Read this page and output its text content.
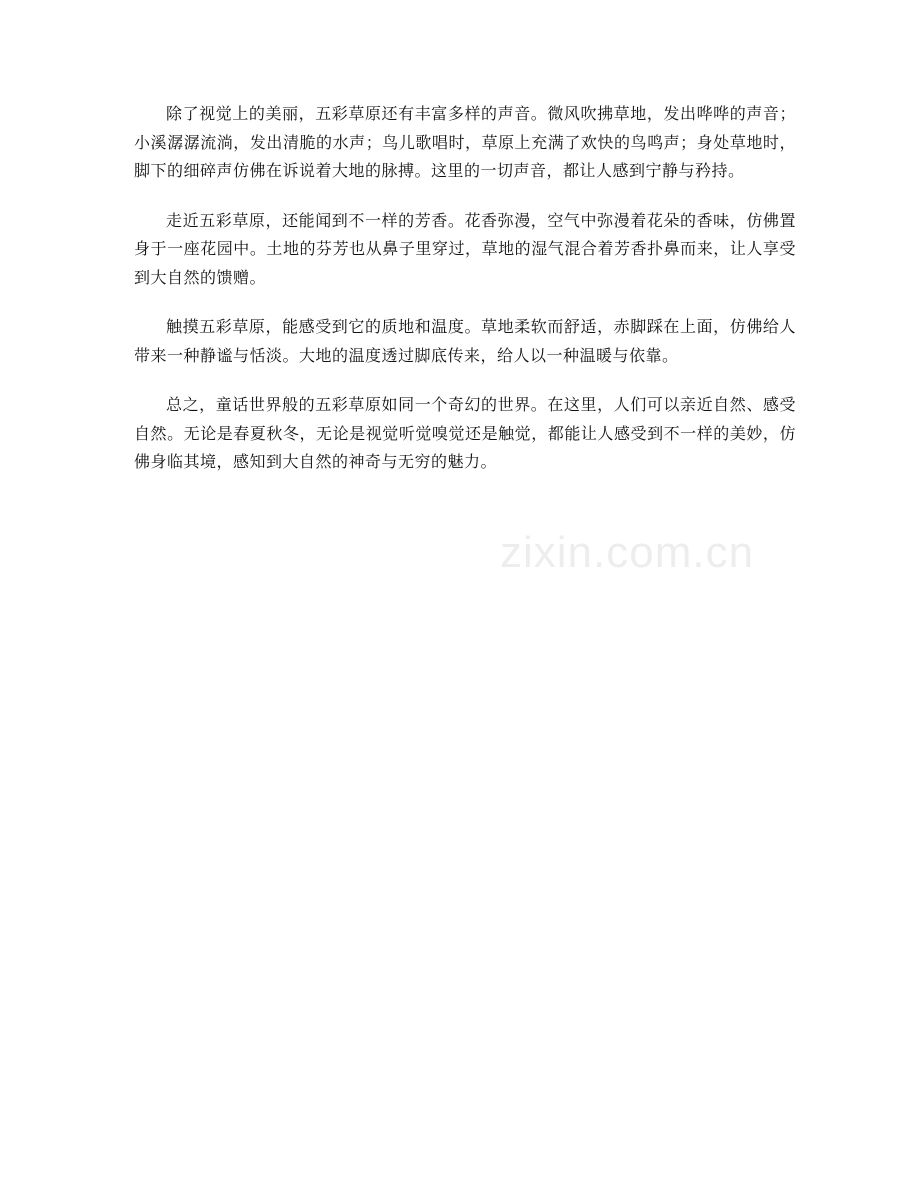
除了视觉上的美丽，五彩草原还有丰富多样的声音。微风吹拂草地，发出哗哗的声音；小溪潺潺流淌，发出清脆的水声；鸟儿歌唱时，草原上充满了欢快的鸟鸣声；身处草地时，脚下的细碎声仿佛在诉说着大地的脉搏。这里的一切声音，都让人感到宁静与矜持。

走近五彩草原，还能闻到不一样的芳香。花香弥漫，空气中弥漫着花朵的香味，仿佛置身于一座花园中。土地的芬芳也从鼻子里穿过，草地的湿气混合着芳香扑鼻而来，让人享受到大自然的馈赠。

触摸五彩草原，能感受到它的质地和温度。草地柔软而舒适，赤脚踩在上面，仿佛给人带来一种静谧与恬淡。大地的温度透过脚底传来，给人以一种温暖与依靠。

总之，童话世界般的五彩草原如同一个奇幻的世界。在这里，人们可以亲近自然、感受自然。无论是春夏秋冬，无论是视觉听觉嗅觉还是触觉，都能让人感受到不一样的美妙，仿佛身临其境，感知到大自然的神奇与无穷的魅力。

zixin.com.cn
